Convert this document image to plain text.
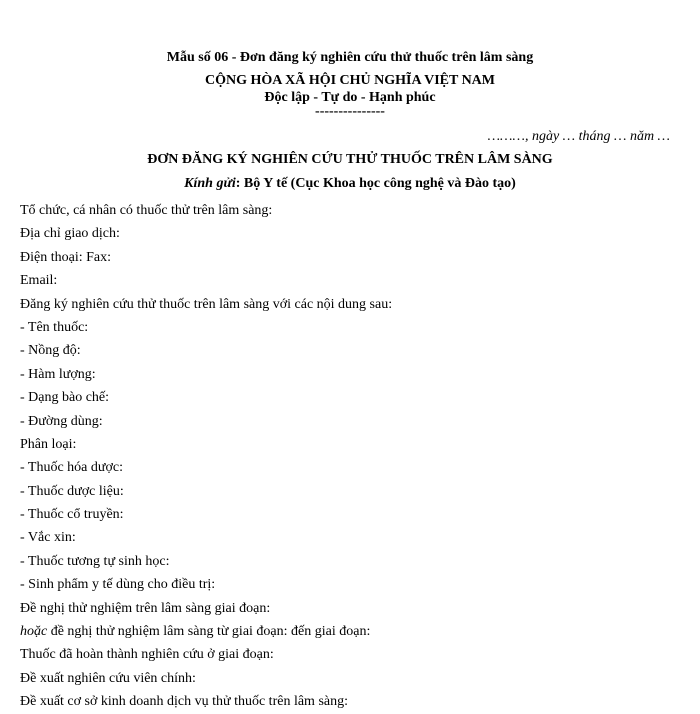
Mẫu số 06 - Đơn đăng ký nghiên cứu thử thuốc trên lâm sàng
CỘNG HÒA XÃ HỘI CHỦ NGHĨA VIỆT NAM
Độc lập - Tự do - Hạnh phúc
---------------
………, ngày … tháng … năm …
ĐƠN ĐĂNG KÝ NGHIÊN CỨU THỬ THUỐC TRÊN LÂM SÀNG
Kính gửi: Bộ Y tế (Cục Khoa học công nghệ và Đào tạo)
Tổ chức, cá nhân có thuốc thử trên lâm sàng:
Địa chỉ giao dịch:
Điện thoại: Fax:
Email:
Đăng ký nghiên cứu thử thuốc trên lâm sàng với các nội dung sau:
- Tên thuốc:
- Nồng độ:
- Hàm lượng:
- Dạng bào chế:
- Đường dùng:
Phân loại:
- Thuốc hóa dược:
- Thuốc dược liệu:
- Thuốc cổ truyền:
- Vắc xin:
- Thuốc tương tự sinh học:
- Sinh phẩm y tế dùng cho điều trị:
Đề nghị thử nghiệm trên lâm sàng giai đoạn:
hoặc đề nghị thử nghiệm lâm sàng từ giai đoạn: đến giai đoạn:
Thuốc đã hoàn thành nghiên cứu ở giai đoạn:
Đề xuất nghiên cứu viên chính:
Đề xuất cơ sở kinh doanh dịch vụ thử thuốc trên lâm sàng:
